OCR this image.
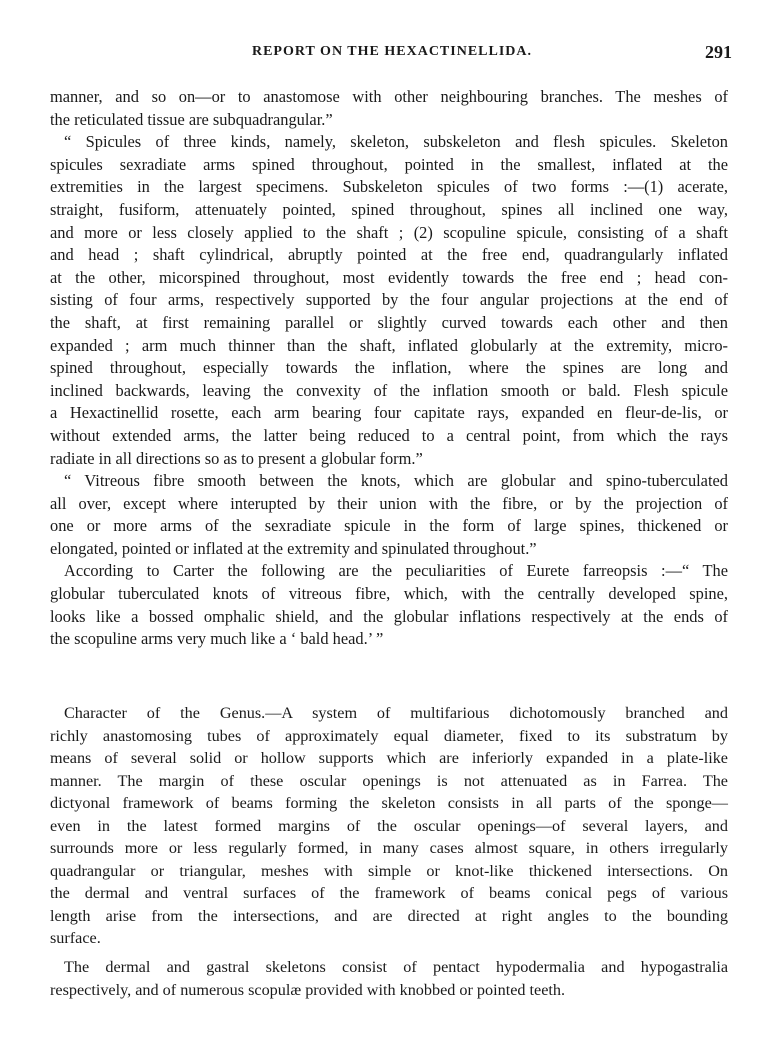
REPORT ON THE HEXACTINELLIDA.	291
manner, and so on—or to anastomose with other neighbouring branches. The meshes of
the reticulated tissue are subquadrangular.”
“ Spicules of three kinds, namely, skeleton, subskeleton and flesh spicules. Skeleton
spicules sexradiate arms spined throughout, pointed in the smallest, inflated at the
extremities in the largest specimens. Subskeleton spicules of two forms :—(1) acerate,
straight, fusiform, attenuately pointed, spined throughout, spines all inclined one way,
and more or less closely applied to the shaft ; (2) scopuline spicule, consisting of a shaft
and head ; shaft cylindrical, abruptly pointed at the free end, quadrangularly inflated
at the other, micorspined throughout, most evidently towards the free end ; head con-
sisting of four arms, respectively supported by the four angular projections at the end of
the shaft, at first remaining parallel or slightly curved towards each other and then
expanded ; arm much thinner than the shaft, inflated globularly at the extremity, micro-
spined throughout, especially towards the inflation, where the spines are long and
inclined backwards, leaving the convexity of the inflation smooth or bald. Flesh spicule
a Hexactinellid rosette, each arm bearing four capitate rays, expanded en fleur-de-lis, or
without extended arms, the latter being reduced to a central point, from which the rays
radiate in all directions so as to present a globular form.”
“ Vitreous fibre smooth between the knots, which are globular and spino-tuberculated
all over, except where interupted by their union with the fibre, or by the projection of
one or more arms of the sexradiate spicule in the form of large spines, thickened or
elongated, pointed or inflated at the extremity and spinulated throughout.”
According to Carter the following are the peculiarities of Eurete farreopsis :—“ The
globular tuberculated knots of vitreous fibre, which, with the centrally developed spine,
looks like a bossed omphalic shield, and the globular inflations respectively at the ends of
the scopuline arms very much like a ‘ bald head.’ ”
Character of the Genus.—A system of multifarious dichotomously branched and
richly anastomosing tubes of approximately equal diameter, fixed to its substratum by
means of several solid or hollow supports which are inferiorly expanded in a plate-like
manner. The margin of these oscular openings is not attenuated as in Farrea. The
dictyonal framework of beams forming the skeleton consists in all parts of the sponge—
even in the latest formed margins of the oscular openings—of several layers, and
surrounds more or less regularly formed, in many cases almost square, in others irregularly
quadrangular or triangular, meshes with simple or knot-like thickened intersections. On
the dermal and ventral surfaces of the framework of beams conical pegs of various
length arise from the intersections, and are directed at right angles to the bounding
surface.
The dermal and gastral skeletons consist of pentact hypodermalia and hypogastralia
respectively, and of numerous scopulæ provided with knobbed or pointed teeth.
